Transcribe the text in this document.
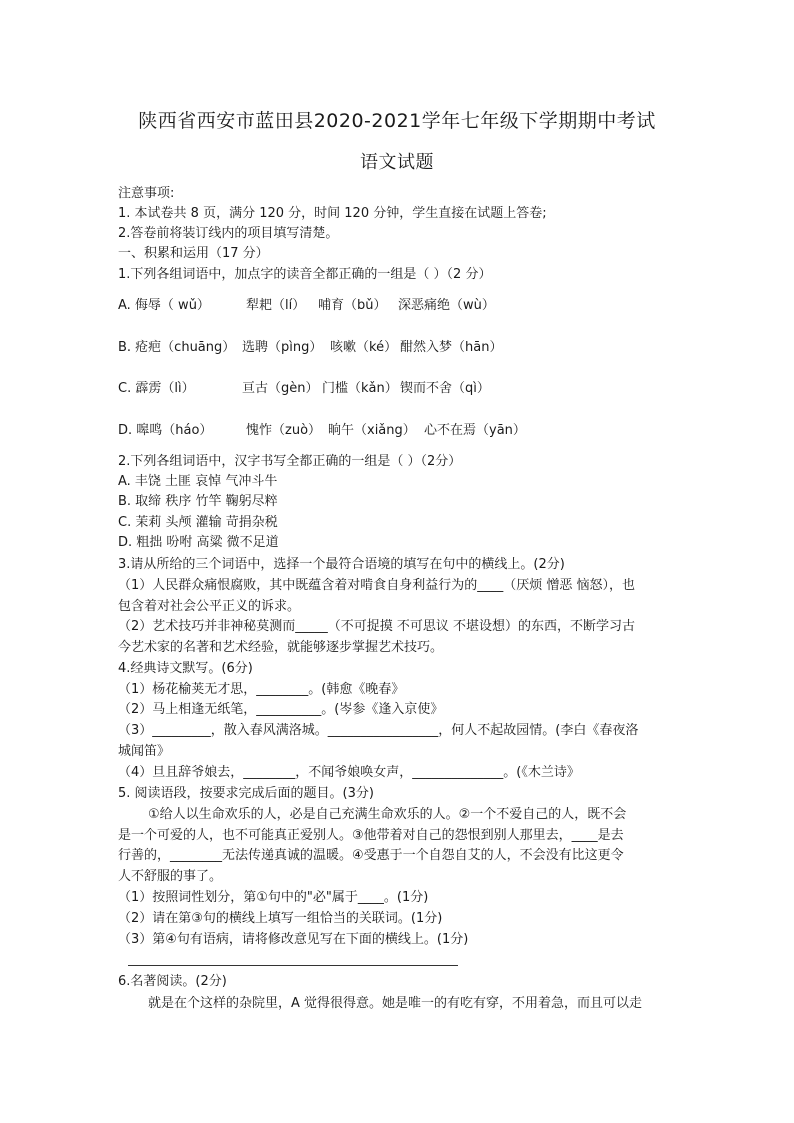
陕西省西安市蓝田县2020-2021学年七年级下学期期中考试
语文试题
注意事项:
1. 本试卷共 8 页，满分 120 分，时间 120 分钟，学生直接在试题上答卷;
2.答卷前将装订线内的项目填写清楚。
一、积累和运用（17 分）
1.下列各组词语中，加点字的读音全都正确的一组是（ ）（2 分）
A. 侮辱（ wǔ）	犁耙（lí） 哺育（bǔ） 深恶痛绝（wù）
B. 疮疤（chuāng） 选聘（pìng） 咳嗽（ké） 酣然入梦（hān）
C. 霹雳（lì）	亘古（gèn） 门槛（kǎn） 锲而不舍（qì）
D. 嗥鸣（háo）	愧怍（zuò） 晌午（xiǎng） 心不在焉（yān）
2.下列各组词语中，汉字书写全都正确的一组是（ ）（2分）
A. 丰饶 土匪 哀悼 气冲斗牛
B. 取缔 秩序 竹竿 鞠躬尽粹
C. 茉莉 头颅 灌输 苛捐杂税
D. 粗拙 吩咐 高粱 微不足道
3.请从所给的三个词语中，选择一个最符合语境的填写在句中的横线上。(2分)
（1）人民群众痛恨腐败，其中既蕴含着对啃食自身利益行为的____（厌烦 憎恶 恼怒），也
包含着对社会公平正义的诉求。
（2）艺术技巧并非神秘莫测而_____（不可捉摸 不可思议 不堪设想）的东西，不断学习古
今艺术家的名著和艺术经验，就能够逐步掌握艺术技巧。
4.经典诗文默写。(6分)
（1）杨花榆荚无才思，________。(韩愈《晚春》
（2）马上相逢无纸笔，__________。(岑参《逢入京使》
（3）_________，散入春风满洛城。_________________，何人不起故园情。(李白《春夜洛
城闻笛》
（4）旦且辞爷娘去，________，不闻爷娘唤女声，______________。(《木兰诗》
5. 阅读语段，按要求完成后面的题目。(3分)
①给人以生命欢乐的人，必是自己充满生命欢乐的人。②一个不爱自己的人，既不会
是一个可爱的人，也不可能真正爱别人。③他带着对自己的怨恨到别人那里去，____是去
行善的，________无法传递真诚的温暖。④受惠于一个自怨自艾的人，不会没有比这更令
人不舒服的事了。
（1）按照词性划分，第①句中的"必"属于____。(1分)
（2）请在第③句的横线上填写一组恰当的关联词。(1分)
（3）第④句有语病，请将修改意见写在下面的横线上。(1分)
6.名著阅读。(2分)
就是在个这样的杂院里，A 觉得很得意。她是唯一的有吃有穿，不用着急，而且可以走
